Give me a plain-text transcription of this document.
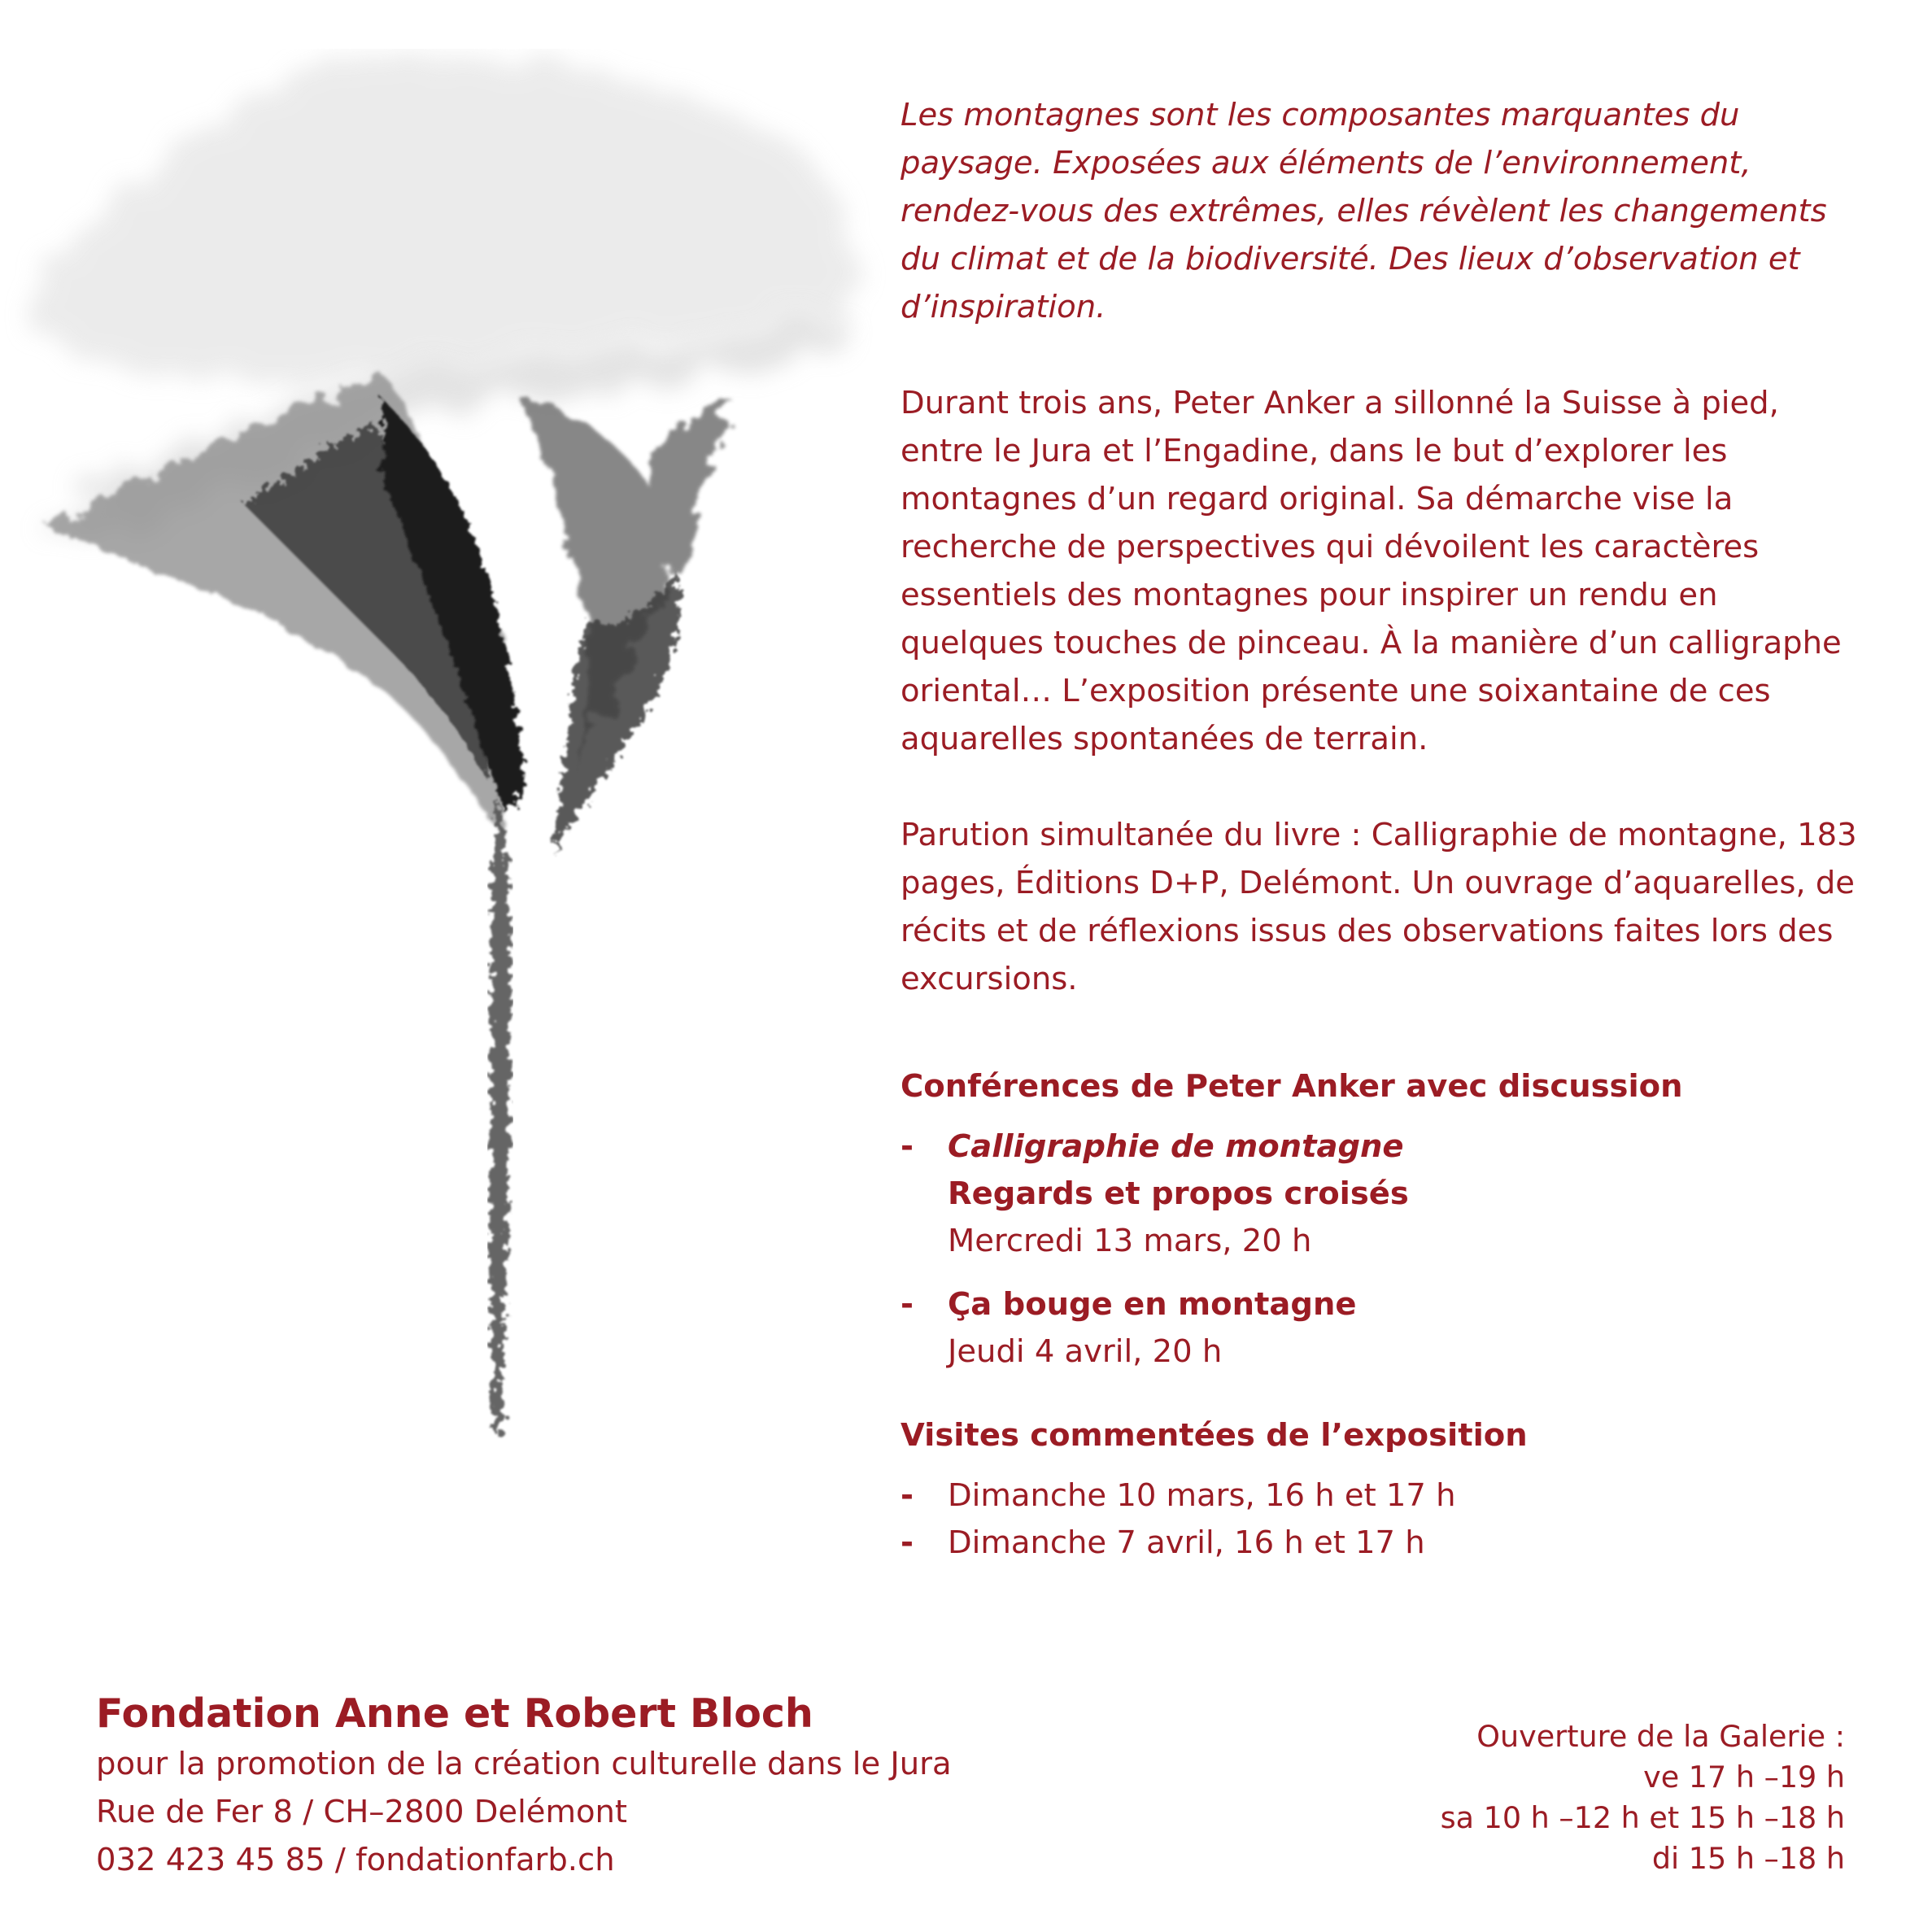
Les montagnes sont les composantes marquantes du paysage. Exposées aux éléments de l’environnement, rendez-vous des extrêmes, elles révèlent les changements du climat et de la biodiversité. Des lieux d’observation et d’inspiration.

Durant trois ans, Peter Anker a sillonné la Suisse à pied, entre le Jura et l’Engadine, dans le but d’explorer les montagnes d’un regard original. Sa démarche vise la recherche de perspectives qui dévoilent les caractères essentiels des montagnes pour inspirer un rendu en quelques touches de pinceau. À la manière d’un calligraphe oriental… L’exposition présente une soixantaine de ces aquarelles spontanées de terrain.

Parution simultanée du livre : Calligraphie de montagne, 183 pages, Éditions D+P, Delémont. Un ouvrage d’aquarelles, de récits et de réflexions issus des observations faites lors des excursions.

Conférences de Peter Anker avec discussion

- Calligraphie de montagne
Regards et propos croisés
Mercredi 13 mars, 20 h
- Ça bouge en montagne
Jeudi 4 avril, 20 h

Visites commentées de l’exposition

- Dimanche 10 mars, 16 h et 17 h
- Dimanche 7 avril, 16 h et 17 h

Fondation Anne et Robert Bloch

pour la promotion de la création culturelle dans le Jura

Rue de Fer 8 / CH–2800 Delémont

032 423 45 85 / fondationfarb.ch

Ouverture de la Galerie :

ve 17 h –19 h

sa 10 h –12 h et 15 h –18 h

di 15 h –18 h
